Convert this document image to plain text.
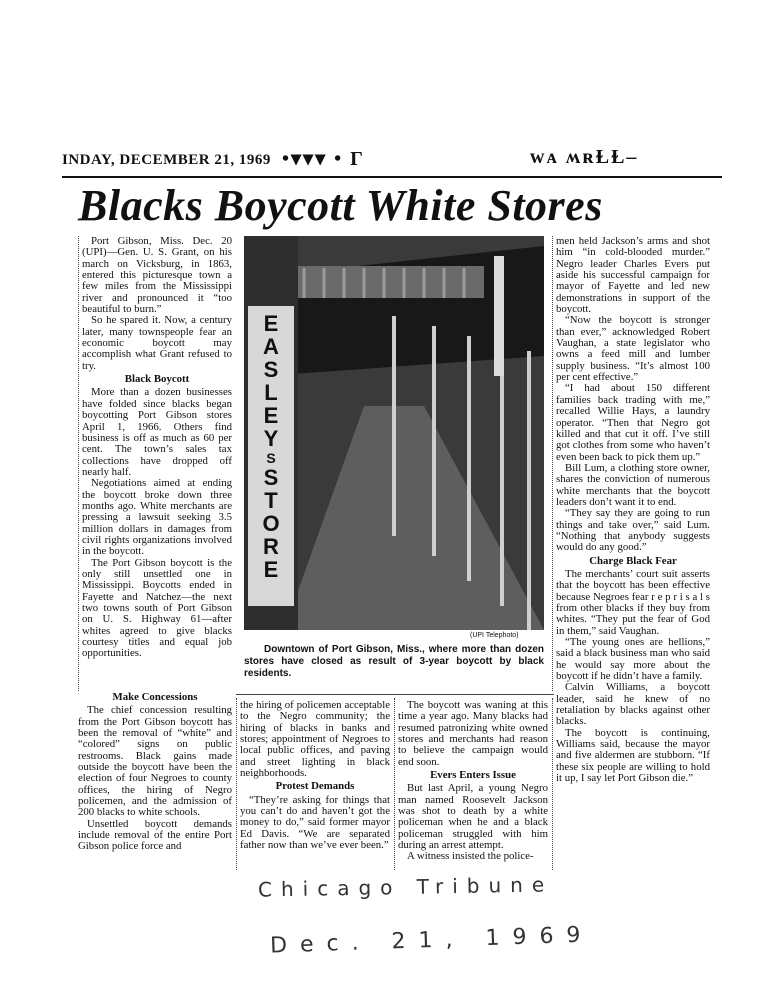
INDAY, DECEMBER 21, 1969 •▾▾▾ • Γ	ᴡᴀ ʍʀⱢⱢ–
Blacks Boycott White Stores

Port Gibson, Miss. Dec. 20 (UPI)—Gen. U. S. Grant, on his march on Vicksburg, in 1863, entered this picturesque town a few miles from the Mississippi river and pronounced it “too beautiful to burn.”

So he spared it. Now, a century later, many townspeople fear an economic boycott may accomplish what Grant refused to try.

Black Boycott

More than a dozen businesses have folded since blacks began boycotting Port Gibson stores April 1, 1966. Others find business is off as much as 60 per cent. The town’s sales tax collections have dropped off nearly half.

Negotiations aimed at ending the boycott broke down three months ago. White merchants are pressing a lawsuit seeking 3.5 million dollars in damages from civil rights organizations involved in the boycott.

The Port Gibson boycott is the only still unsettled one in Mississippi. Boycotts ended in Fayette and Natchez—the next two towns south of Port Gibson on U. S. Highway 61—after whites agreed to give blacks courtesy titles and equal job opportunities.

Make Concessions

The chief concession resulting from the Port Gibson boycott has been the removal of “white” and “colored” signs on public restrooms. Black gains made outside the boycott have been the election of four Negroes to county offices, the hiring of Negro policemen, and the admission of 200 blacks to white schools.

Unsettled boycott demands include removal of the entire Port Gibson police force and

E
A
S
L
E
Y
S
S
T
O
R
E
(UPI Telephoto)
Downtown of Port Gibson, Miss., where more than dozen stores have closed as result of 3-year boycott by black residents.

the hiring of policemen acceptable to the Negro community; the hiring of blacks in banks and stores; appointment of Negroes to local public offices, and paving and street lighting in black neighborhoods.

Protest Demands

“They’re asking for things that you can’t do and haven’t got the money to do,” said former mayor Ed Davis. “We are separated father now than we’ve ever been.”

The boycott was waning at this time a year ago. Many blacks had resumed patronizing white owned stores and merchants had reason to believe the campaign would end soon.

Evers Enters Issue

But last April, a young Negro man named Roosevelt Jackson was shot to death by a white policeman when he and a black policeman struggled with him during an arrest attempt.

A witness insisted the police-

men held Jackson’s arms and shot him “in cold-blooded murder.” Negro leader Charles Evers put aside his successful campaign for mayor of Fayette and led new demonstrations in support of the boycott.

“Now the boycott is stronger than ever,” acknowledged Robert Vaughan, a state legislator who owns a feed mill and lumber supply business. “It’s almost 100 per cent effective.”

“I had about 150 different families back trading with me,” recalled Willie Hays, a laundry operator. “Then that Negro got killed and that cut it off. I’ve still got clothes from some who haven’t even been back to pick them up.”

Bill Lum, a clothing store owner, shares the conviction of numerous white merchants that the boycott leaders don’t want it to end.

“They say they are going to run things and take over,” said Lum. “Nothing that anybody suggests would do any good.”

Charge Black Fear

The merchants’ court suit asserts that the boycott has been effective because Negroes fear r e p r i s a l s from other blacks if they buy from whites. “They put the fear of God in them,” said Vaughan.

“The young ones are hellions,” said a black business man who said he would say more about the boycott if he didn’t have a family.

Calvin Williams, a boycott leader, said he knew of no retaliation by blacks against other blacks.

The boycott is continuing, Williams said, because the mayor and five aldermen are stubborn. “If these six people are willing to hold it up, I say let Port Gibson die.”

Chicago Tribune
Dec. 21, 1969
